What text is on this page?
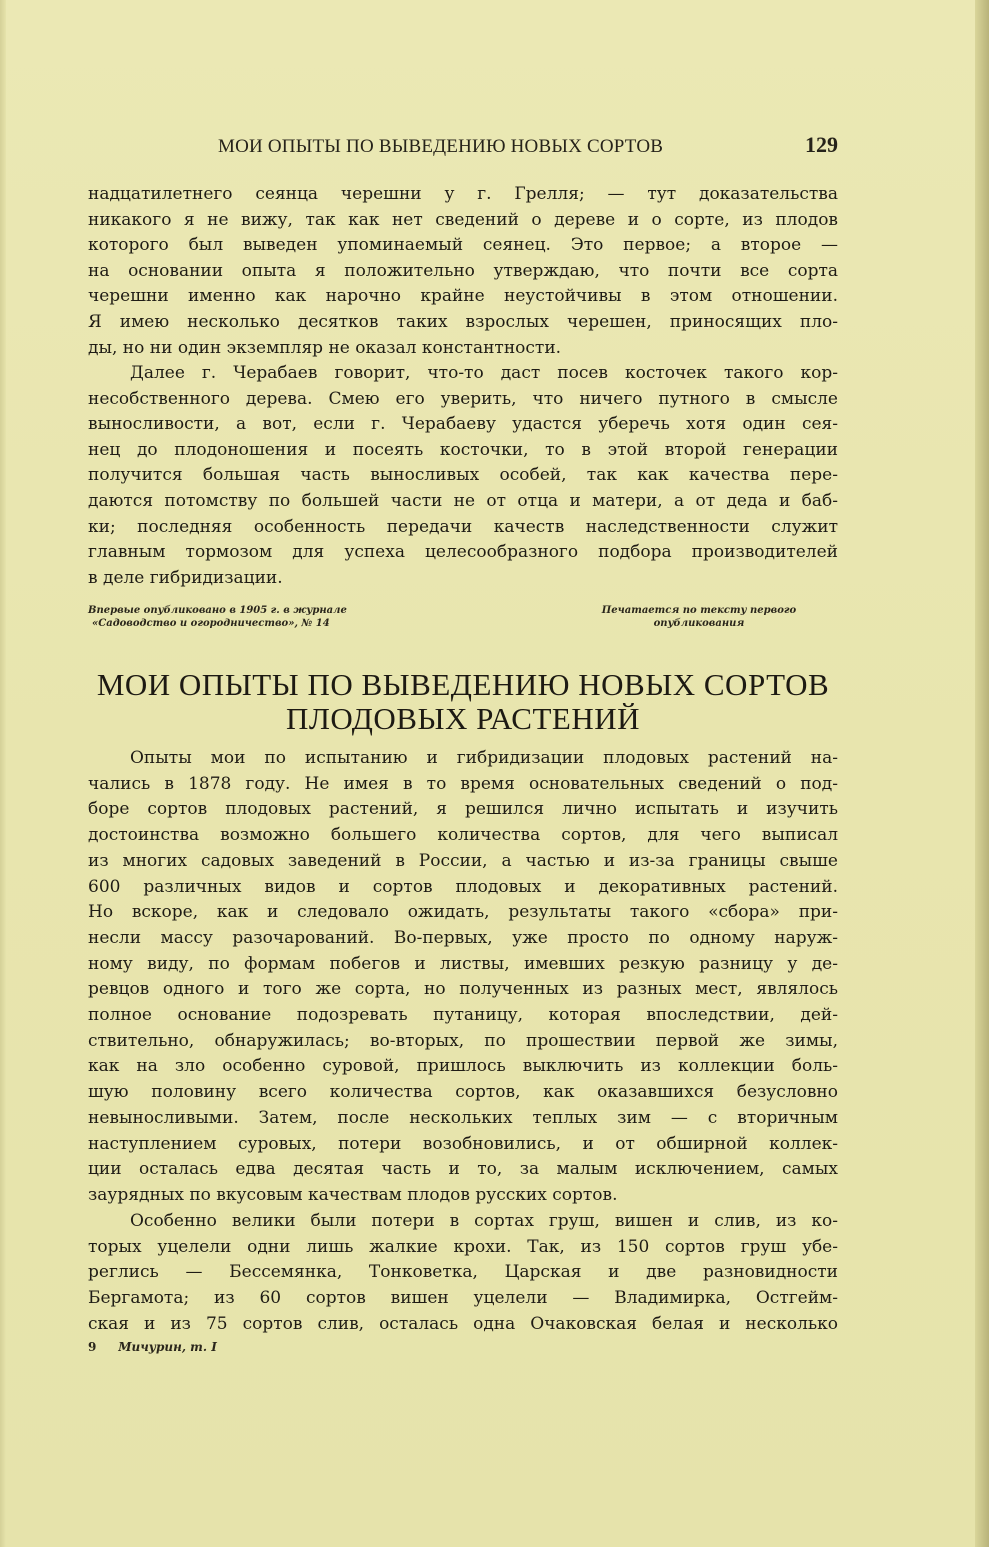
МОИ ОПЫТЫ ПО ВЫВЕДЕНИЮ НОВЫХ СОРТОВ	129
надцатилетнего сеянца черешни у г. Грелля; — тут доказательства
никакого я не вижу, так как нет сведений о дереве и о сорте, из плодов
которого был выведен упоминаемый сеянец. Это первое; а второе —
на основании опыта я положительно утверждаю, что почти все сорта
черешни именно как нарочно крайне неустойчивы в этом отношении.
Я имею несколько десятков таких взрослых черешен, приносящих пло-
ды, но ни один экземпляр не оказал константности.
Далее г. Черабаев говорит, что-то даст посев косточек такого кор-
несобственного дерева. Смею его уверить, что ничего путного в смысле
выносливости, а вот, если г. Черабаеву удастся уберечь хотя один сея-
нец до плодоношения и посеять косточки, то в этой второй генерации
получится большая часть выносливых особей, так как качества пере-
даются потомству по большей части не от отца и матери, а от деда и баб-
ки; последняя особенность передачи качеств наследственности служит
главным тормозом для успеха целесообразного подбора производителей
в деле гибридизации.
Впервые опубликовано в 1905 г. в журнале
«Садоводство и огородничество», № 14
Печатается по тексту первого
опубликования
МОИ ОПЫТЫ ПО ВЫВЕДЕНИЮ НОВЫХ СОРТОВ
ПЛОДОВЫХ РАСТЕНИЙ
Опыты мои по испытанию и гибридизации плодовых растений на-
чались в 1878 году. Не имея в то время основательных сведений о под-
боре сортов плодовых растений, я решился лично испытать и изучить
достоинства возможно большего количества сортов, для чего выписал
из многих садовых заведений в России, а частью и из-за границы свыше
600 различных видов и сортов плодовых и декоративных растений.
Но вскоре, как и следовало ожидать, результаты такого «сбора» при-
несли массу разочарований. Во-первых, уже просто по одному наруж-
ному виду, по формам побегов и листвы, имевших резкую разницу у де-
ревцов одного и того же сорта, но полученных из разных мест, являлось
полное основание подозревать путаницу, которая впоследствии, дей-
ствительно, обнаружилась; во-вторых, по прошествии первой же зимы,
как на зло особенно суровой, пришлось выключить из коллекции боль-
шую половину всего количества сортов, как оказавшихся безусловно
невыносливыми. Затем, после нескольких теплых зим — с вторичным
наступлением суровых, потери возобновились, и от обширной коллек-
ции осталась едва десятая часть и то, за малым исключением, самых
заурядных по вкусовым качествам плодов русских сортов.
Особенно велики были потери в сортах груш, вишен и слив, из ко-
торых уцелели одни лишь жалкие крохи. Так, из 150 сортов груш убе-
реглись — Бессемянка, Тонковетка, Царская и две разновидности
Бергамота; из 60 сортов вишен уцелели — Владимирка, Остгейм-
ская и из 75 сортов слив, осталась одна Очаковская белая и несколько
9 Мичурин, т. I
